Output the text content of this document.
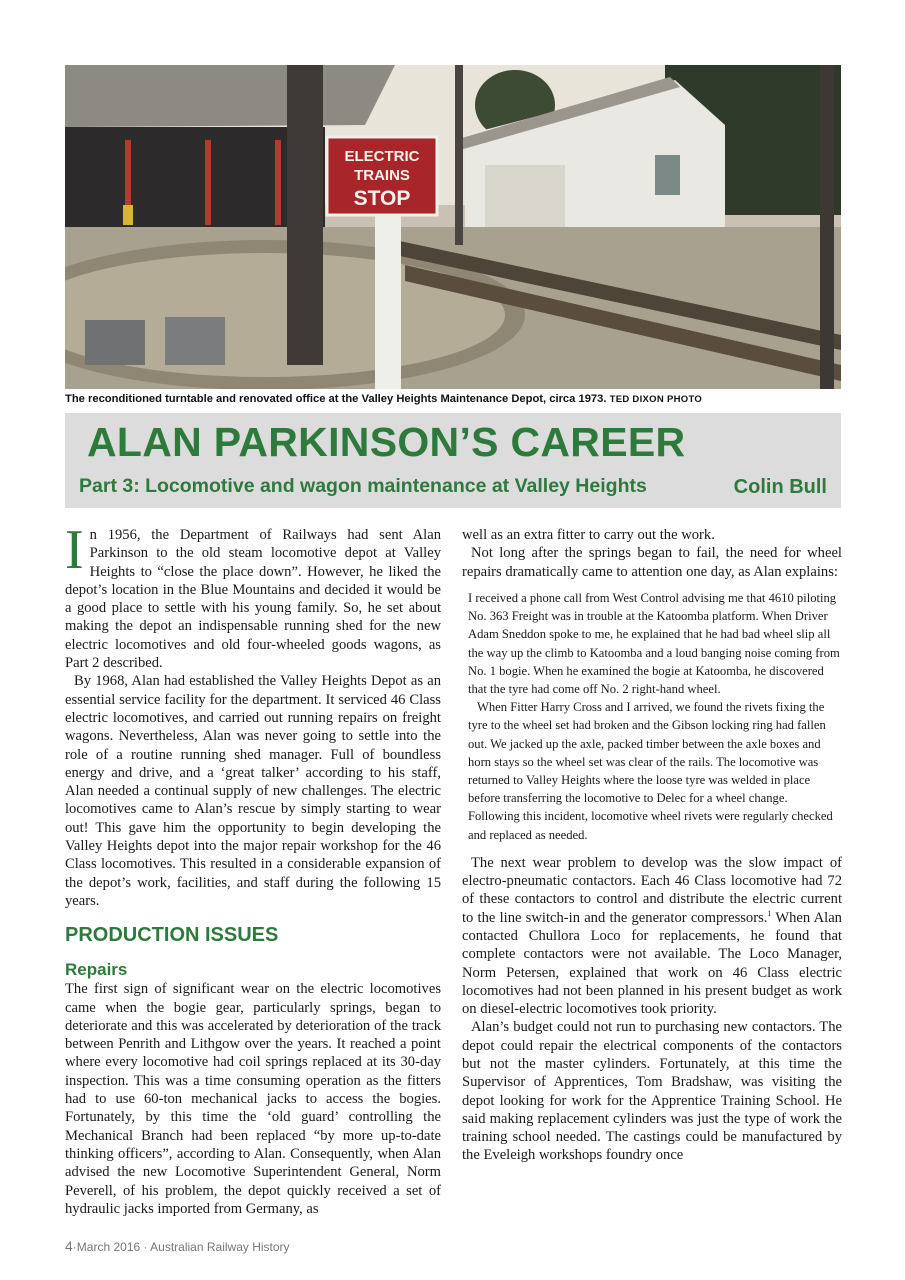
ELECTRIC
TRAINS
STOP
The reconditioned turntable and renovated office at the Valley Heights Maintenance Depot, circa 1973. TED DIXON PHOTO
ALAN PARKINSON’S CAREER
Part 3: Locomotive and wagon maintenance at Valley Heights	Colin Bull

In 1956, the Department of Railways had sent Alan Parkinson to the old steam locomotive depot at Valley Heights to “close the place down”. However, he liked the depot’s location in the Blue Mountains and decided it would be a good place to settle with his young family. So, he set about making the depot an indispensable running shed for the new electric locomotives and old four-wheeled goods wagons, as Part 2 described.

By 1968, Alan had established the Valley Heights Depot as an essential service facility for the department. It serviced 46 Class electric locomotives, and carried out running repairs on freight wagons. Nevertheless, Alan was never going to settle into the role of a routine running shed manager. Full of boundless energy and drive, and a ‘great talker’ according to his staff, Alan needed a continual supply of new challenges. The electric locomotives came to Alan’s rescue by simply starting to wear out! This gave him the opportunity to begin developing the Valley Heights depot into the major repair workshop for the 46 Class locomotives. This resulted in a considerable expansion of the depot’s work, facilities, and staff during the following 15 years.

PRODUCTION ISSUES
Repairs

The first sign of significant wear on the electric locomotives came when the bogie gear, particularly springs, began to deteriorate and this was accelerated by deterioration of the track between Penrith and Lithgow over the years. It reached a point where every locomotive had coil springs replaced at its 30-day inspection. This was a time consuming operation as the fitters had to use 60-ton mechanical jacks to access the bogies. Fortunately, by this time the ‘old guard’ controlling the Mechanical Branch had been replaced “by more up-to-date thinking officers”, according to Alan. Consequently, when Alan advised the new Locomotive Superintendent General, Norm Peverell, of his problem, the depot quickly received a set of hydraulic jacks imported from Germany, as

well as an extra fitter to carry out the work.

Not long after the springs began to fail, the need for wheel repairs dramatically came to attention one day, as Alan explains:

I received a phone call from West Control advising me that 4610 piloting No. 363 Freight was in trouble at the Katoomba platform. When Driver Adam Sneddon spoke to me, he explained that he had bad wheel slip all the way up the climb to Katoomba and a loud banging noise coming from No. 1 bogie. When he examined the bogie at Katoomba, he discovered that the tyre had come off No. 2 right-hand wheel.

When Fitter Harry Cross and I arrived, we found the rivets fixing the tyre to the wheel set had broken and the Gibson locking ring had fallen out. We jacked up the axle, packed timber between the axle boxes and horn stays so the wheel set was clear of the rails. The locomotive was returned to Valley Heights where the loose tyre was welded in place before transferring the locomotive to Delec for a wheel change. Following this incident, locomotive wheel rivets were regularly checked and replaced as needed.

The next wear problem to develop was the slow impact of electro-pneumatic contactors. Each 46 Class locomotive had 72 of these contactors to control and distribute the electric current to the line switch-in and the generator compressors.$^1$ When Alan contacted Chullora Loco for replacements, he found that complete contactors were not available. The Loco Manager, Norm Petersen, explained that work on 46 Class electric locomotives had not been planned in his present budget as work on diesel-electric locomotives took priority.

Alan’s budget could not run to purchasing new contactors. The depot could repair the electrical components of the contactors but not the master cylinders. Fortunately, at this time the Supervisor of Apprentices, Tom Bradshaw, was visiting the depot looking for work for the Apprentice Training School. He said making replacement cylinders was just the type of work the training school needed. The castings could be manufactured by the Eveleigh workshops foundry once

4·March 2016 · Australian Railway History
